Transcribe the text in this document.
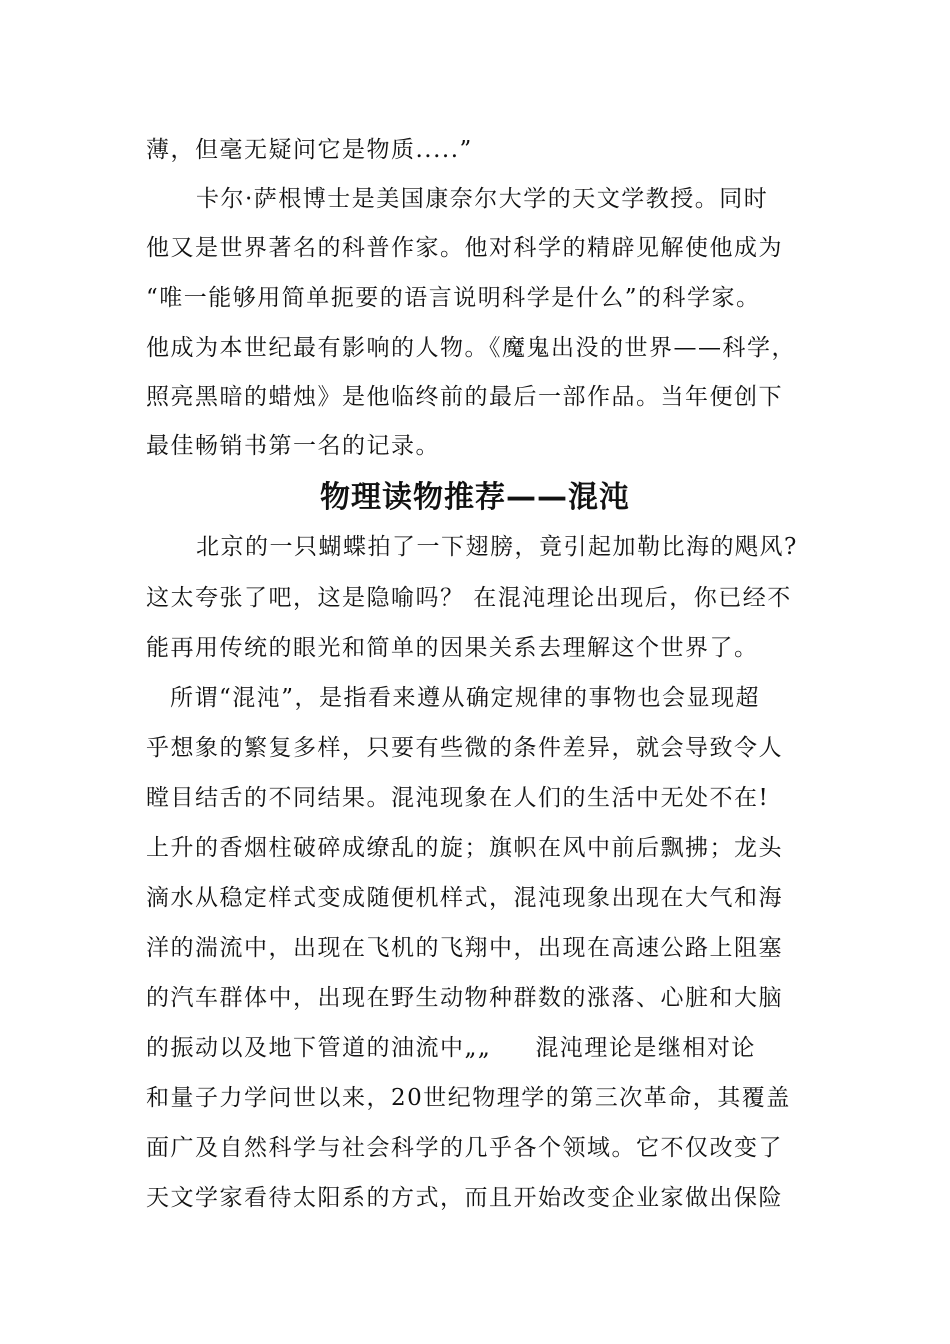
薄，但毫无疑问它是物质.....”
卡尔·萨根博士是美国康奈尔大学的天文学教授。同时
他又是世界著名的科普作家。他对科学的精辟见解使他成为
“唯一能够用简单扼要的语言说明科学是什么”的科学家。
他成为本世纪最有影响的人物。《魔鬼出没的世界——科学，
照亮黑暗的蜡烛》是他临终前的最后一部作品。当年便创下
最佳畅销书第一名的记录。
物理读物推荐——混沌
北京的一只蝴蝶拍了一下翅膀，竟引起加勒比海的飓风?
这太夸张了吧，这是隐喻吗？ 在混沌理论出现后，你已经不
能再用传统的眼光和简单的因果关系去理解这个世界了。
所谓“混沌”，是指看来遵从确定规律的事物也会显现超
乎想象的繁复多样，只要有些微的条件差异，就会导致令人
瞠目结舌的不同结果。混沌现象在人们的生活中无处不在!
上升的香烟柱破碎成缭乱的旋；旗帜在风中前后飘拂；龙头
滴水从稳定样式变成随便机样式，混沌现象出现在大气和海
洋的湍流中，出现在飞机的飞翔中，出现在高速公路上阻塞
的汽车群体中，出现在野生动物种群数的涨落、心脏和大脑
的振动以及地下管道的油流中„„     混沌理论是继相对论
和量子力学问世以来，20世纪物理学的第三次革命，其覆盖
面广及自然科学与社会科学的几乎各个领域。它不仅改变了
天文学家看待太阳系的方式，而且开始改变企业家做出保险
